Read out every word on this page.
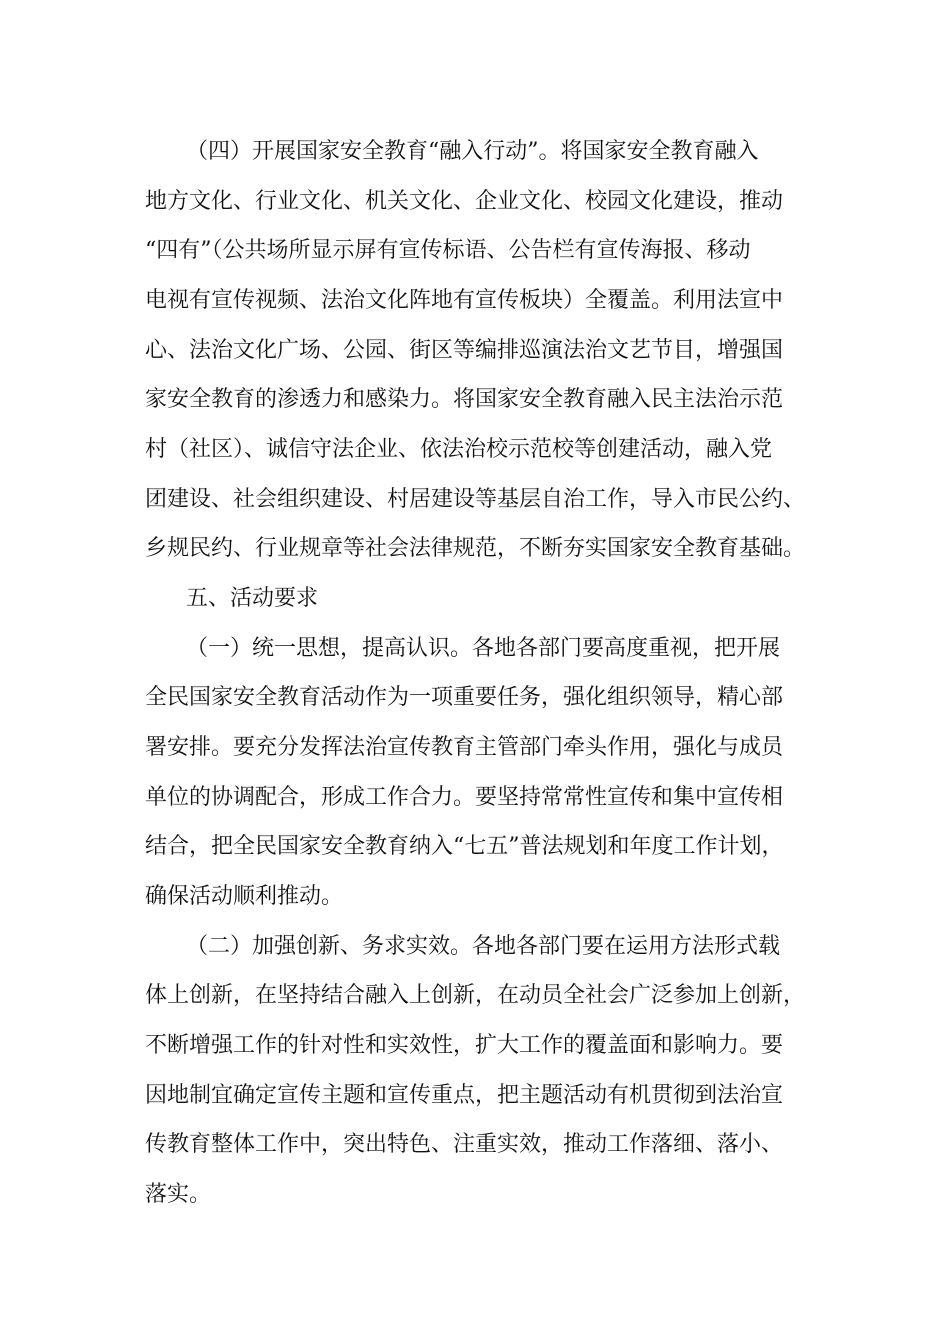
（四）开展国家安全教育“融入行动”。将国家安全教育融入
地方文化、行业文化、机关文化、企业文化、校园文化建设，推动
“四有”（公共场所显示屏有宣传标语、公告栏有宣传海报、移动
电视有宣传视频、法治文化阵地有宣传板块）全覆盖。利用法宣中
心、法治文化广场、公园、街区等编排巡演法治文艺节目，增强国
家安全教育的渗透力和感染力。将国家安全教育融入民主法治示范
村（社区）、诚信守法企业、依法治校示范校等创建活动，融入党
团建设、社会组织建设、村居建设等基层自治工作，导入市民公约、
乡规民约、行业规章等社会法律规范，不断夯实国家安全教育基础。
五、活动要求
（一）统一思想，提高认识。各地各部门要高度重视，把开展
全民国家安全教育活动作为一项重要任务，强化组织领导，精心部
署安排。要充分发挥法治宣传教育主管部门牵头作用，强化与成员
单位的协调配合，形成工作合力。要坚持常常性宣传和集中宣传相
结合，把全民国家安全教育纳入“七五”普法规划和年度工作计划，
确保活动顺利推动。
（二）加强创新、务求实效。各地各部门要在运用方法形式载
体上创新，在坚持结合融入上创新，在动员全社会广泛参加上创新，
不断增强工作的针对性和实效性，扩大工作的覆盖面和影响力。要
因地制宜确定宣传主题和宣传重点，把主题活动有机贯彻到法治宣
传教育整体工作中，突出特色、注重实效，推动工作落细、落小、
落实。
